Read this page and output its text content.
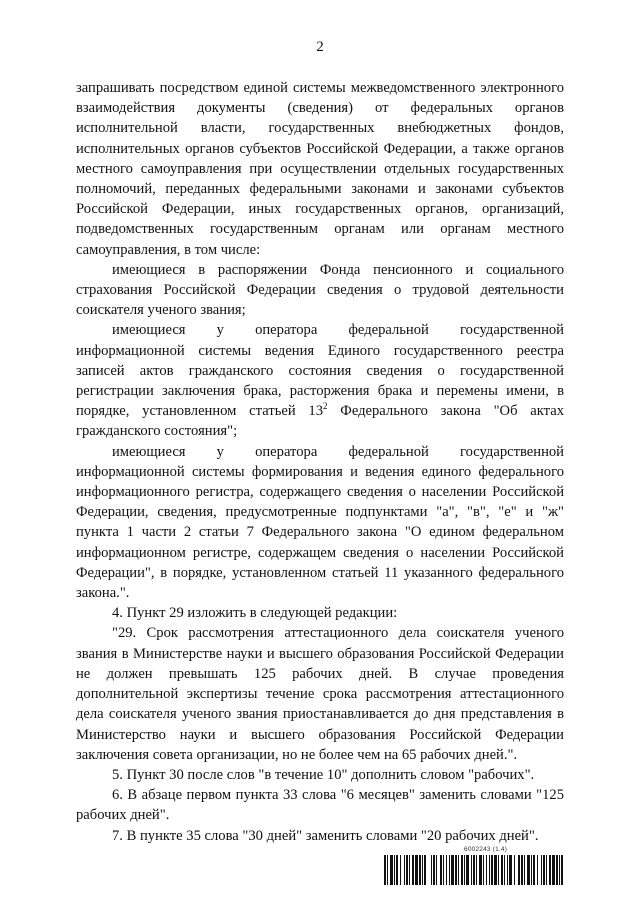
2

запрашивать посредством единой системы межведомственного электронного взаимодействия документы (сведения) от федеральных органов исполнительной власти, государственных внебюджетных фондов, исполнительных органов субъектов Российской Федерации, а также органов местного самоуправления при осуществлении отдельных государственных полномочий, переданных федеральными законами и законами субъектов Российской Федерации, иных государственных органов, организаций, подведомственных государственным органам или органам местного самоуправления, в том числе:

имеющиеся в распоряжении Фонда пенсионного и социального страхования Российской Федерации сведения о трудовой деятельности соискателя ученого звания;

имеющиеся у оператора федеральной государственной информационной системы ведения Единого государственного реестра записей актов гражданского состояния сведения о государственной регистрации заключения брака, расторжения брака и перемены имени, в порядке, установленном статьей $13^2$ Федерального закона "Об актах гражданского состояния";

имеющиеся у оператора федеральной государственной информационной системы формирования и ведения единого федерального информационного регистра, содержащего сведения о населении Российской Федерации, сведения, предусмотренные подпунктами "а", "в", "е" и "ж" пункта 1 части 2 статьи 7 Федерального закона "О едином федеральном информационном регистре, содержащем сведения о населении Российской Федерации", в порядке, установленном статьей 11 указанного федерального закона.".

4. Пункт 29 изложить в следующей редакции:

"29. Срок рассмотрения аттестационного дела соискателя ученого звания в Министерстве науки и высшего образования Российской Федерации не должен превышать 125 рабочих дней. В случае проведения дополнительной экспертизы течение срока рассмотрения аттестационного дела соискателя ученого звания приостанавливается до дня представления в Министерство науки и высшего образования Российской Федерации заключения совета организации, но не более чем на 65 рабочих дней.".

5. Пункт 30 после слов "в течение 10" дополнить словом "рабочих".

6. В абзаце первом пункта 33 слова "6 месяцев" заменить словами "125 рабочих дней".

7. В пункте 35 слова "30 дней" заменить словами "20 рабочих дней".

6002243 (1.4)
